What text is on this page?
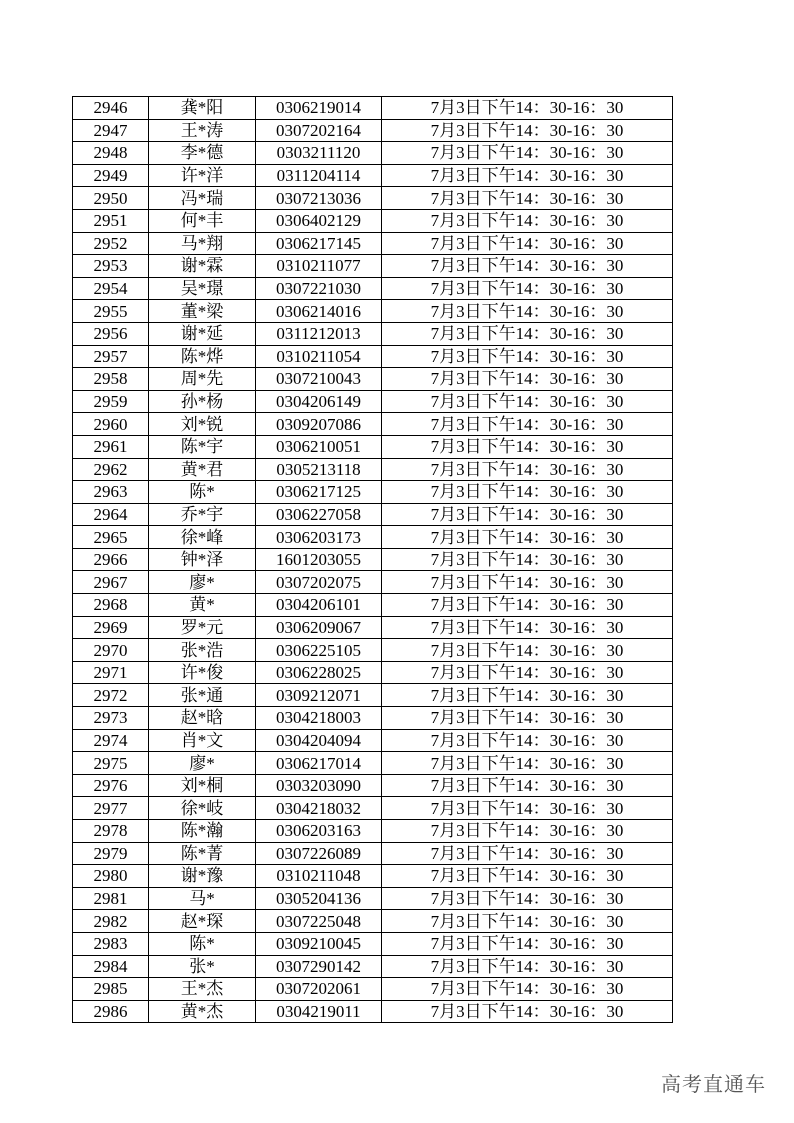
2946	龚*阳	0306219014	7月3日下午14：30-16：30
2947	王*涛	0307202164	7月3日下午14：30-16：30
2948	李*德	0303211120	7月3日下午14：30-16：30
2949	许*洋	0311204114	7月3日下午14：30-16：30
2950	冯*瑞	0307213036	7月3日下午14：30-16：30
2951	何*丰	0306402129	7月3日下午14：30-16：30
2952	马*翔	0306217145	7月3日下午14：30-16：30
2953	谢*霖	0310211077	7月3日下午14：30-16：30
2954	吴*璟	0307221030	7月3日下午14：30-16：30
2955	董*梁	0306214016	7月3日下午14：30-16：30
2956	谢*延	0311212013	7月3日下午14：30-16：30
2957	陈*烨	0310211054	7月3日下午14：30-16：30
2958	周*先	0307210043	7月3日下午14：30-16：30
2959	孙*杨	0304206149	7月3日下午14：30-16：30
2960	刘*锐	0309207086	7月3日下午14：30-16：30
2961	陈*宇	0306210051	7月3日下午14：30-16：30
2962	黄*君	0305213118	7月3日下午14：30-16：30
2963	陈*	0306217125	7月3日下午14：30-16：30
2964	乔*宇	0306227058	7月3日下午14：30-16：30
2965	徐*峰	0306203173	7月3日下午14：30-16：30
2966	钟*泽	1601203055	7月3日下午14：30-16：30
2967	廖*	0307202075	7月3日下午14：30-16：30
2968	黄*	0304206101	7月3日下午14：30-16：30
2969	罗*元	0306209067	7月3日下午14：30-16：30
2970	张*浩	0306225105	7月3日下午14：30-16：30
2971	许*俊	0306228025	7月3日下午14：30-16：30
2972	张*通	0309212071	7月3日下午14：30-16：30
2973	赵*晗	0304218003	7月3日下午14：30-16：30
2974	肖*文	0304204094	7月3日下午14：30-16：30
2975	廖*	0306217014	7月3日下午14：30-16：30
2976	刘*桐	0303203090	7月3日下午14：30-16：30
2977	徐*岐	0304218032	7月3日下午14：30-16：30
2978	陈*瀚	0306203163	7月3日下午14：30-16：30
2979	陈*菁	0307226089	7月3日下午14：30-16：30
2980	谢*豫	0310211048	7月3日下午14：30-16：30
2981	马*	0305204136	7月3日下午14：30-16：30
2982	赵*琛	0307225048	7月3日下午14：30-16：30
2983	陈*	0309210045	7月3日下午14：30-16：30
2984	张*	0307290142	7月3日下午14：30-16：30
2985	王*杰	0307202061	7月3日下午14：30-16：30
2986	黄*杰	0304219011	7月3日下午14：30-16：30
高考直通车
